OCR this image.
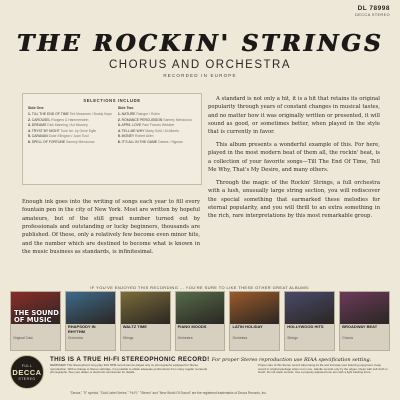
DL 78998
DECCA STEREO
THE ROCKIN' STRINGS
CHORUS AND ORCHESTRA
RECORDED IN EUROPE
SELECTIONS INCLUDE
Side One
1. TILL THE END OF TIME Ted Mossman / Buddy Kaye
2. CAROUSEL Rodgers & Hammerstein
3. DREAMS Dick Manning / Art Mooney
4. TRYST BY NIGHT Tune Arr. by Gene Eglin
5. CARAVAN Duke Ellington / Juan Tizol
6. SPELL OF FORTUNE Sammy Mendonca
Side Two
1. NATURE Rainger / Robin
2. ROMANCE PERCUSSION Sammy Mendonca
3. APRIL LOVE Paul Francis Webster
4. TELL ME WHY Marty Gold / Al Alberts
5. MONEY Robert Allen
6. IT'S ALL IN THE GAME Dawes / Sigman

Enough ink goes into the writing of songs each year to fill every fountain pen in the city of New York. Most are written by hopeful amateurs, but of the still great number turned out by professionals and outstanding or lucky beginners, thousands are published. Of these, only a relatively few become even minor hits, and the number which are destined to become what is known in the music business as standards, is infinitesimal.

A standard is not only a hit, it is a hit that retains its original popularity through years of constant changes in musical tastes, and no matter how it was originally written or presented, it will sound as good, or sometimes better, when played in the style that is currently in favor.

This album presents a wonderful example of this. For here, played in the most modern beat of them all, the rockin' beat, is a collection of your favorite songs—Till The End Of Time, Tell Me Why, That's My Desire, and many others.

Through the magic of the Rockin' Strings, a full orchestra with a lush, unusually large string section, you will rediscover the special something that earmarked these melodies for eternal popularity, and you will thrill to an extra something in the rich, rare interpretations by this most remarkable group.

IF YOU'VE ENJOYED THIS RECORDING ... YOU'RE SURE TO LIKE THESE OTHER GREAT ALBUMS:
THE SOUND OF MUSIC
Original Cast
RHAPSODY IN RHYTHM
Orchestra
WALTZ TIME
Strings
PIANO MOODS
Orchestra
LATIN HOLIDAY
Orchestra
HOLLYWOOD HITS
Strings
BROADWAY BEAT
Chorus
FULL
DECCA
STEREO
THIS IS A TRUE HI-FI STEREOPHONIC RECORD! For proper Stereo reproduction use RIAA specification setting.
REMINDER! This Stereophonic long play 33⅓ RPM record can be played only on phonographs equipped for Stereo reproduction. With a change to Stereo cartridge, it is possible to obtain adequate performance from many regular monaural phonographs. See your dealer or electronic serviceman for details.
Proper care of this Stereo record will prolong its life and increase your listening enjoyment. Keep record in original package when not in use. Handle records only by the edges. Clean with soft cloth or brush. Do not stack records. Use a properly adjusted tone arm with a light tracking force.
"Decca," "5" symbol, "Gold Label Series," "Hi-Fi," "Stereo" and "New World Of Sound" are the registered trademarks of Decca Records, Inc.
